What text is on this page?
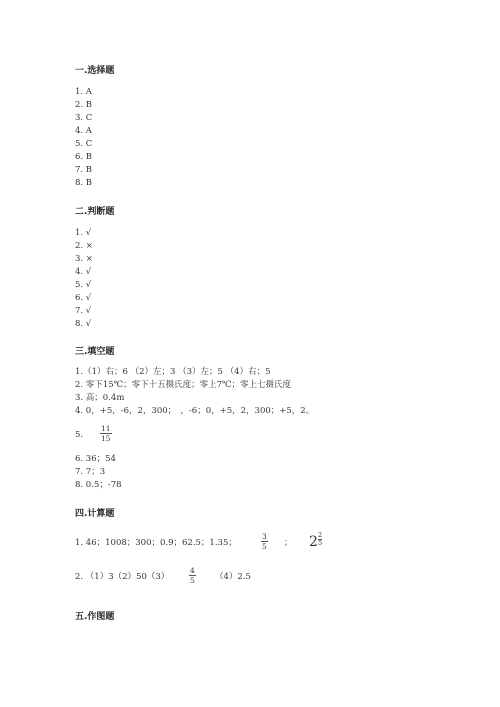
一.选择题
1. A
2. B
3. C
4. A
5. C
6. B
7. B
8. B
二.判断题
1. √
2. ×
3. ×
4. √
5. √
6. √
7. √
8. √
三.填空题
1.（1）右；6 （2）左；3 （3）左；5 （4）右；5
2. 零下15℃；零下十五摄氏度；零上7℃；零上七摄氏度
3. 高；0.4m
4. 0，+5，-6，2，300；　，-6；0，+5，2，300；+5，2。
5. $\frac{11}{15}$
6. 36；54
7. 7；3
8. 0.5；-78
四.计算题
1. 46；1008；300；0.9；62.5；1.35；	$\frac{3}{5}$ ； $2 \frac{2}{5}$
2. （1）3（2）50（3）	$\frac{4}{5} (4)2.5$
五.作图题
